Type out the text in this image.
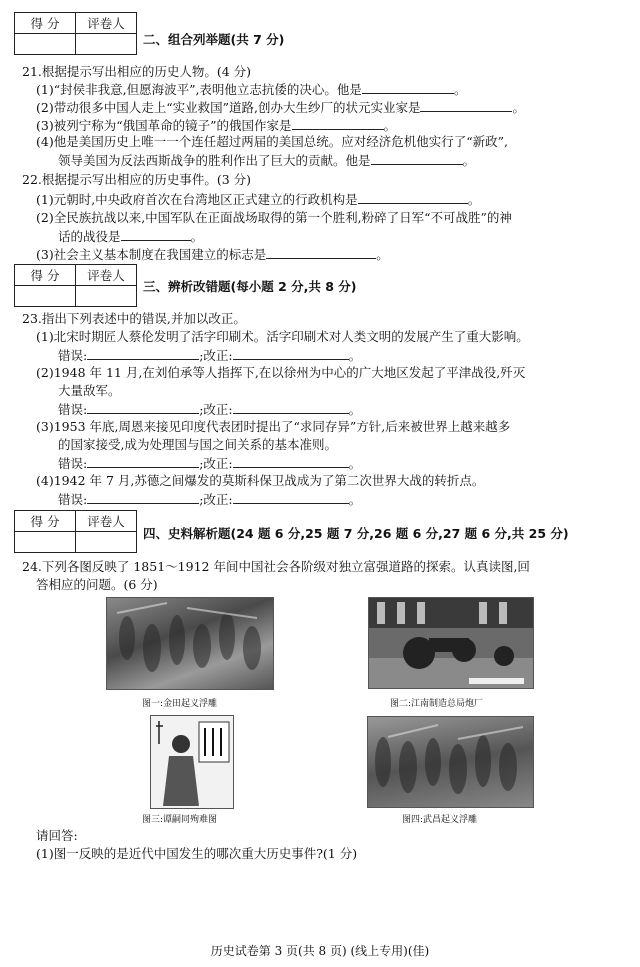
得 分	评卷人

二、组合列举题(共 7 分)
21.根据提示写出相应的历史人物。(4 分)
(1)“封侯非我意,但愿海波平”,表明他立志抗倭的决心。他是	。
(2)带动很多中国人走上“实业救国”道路,创办大生纱厂的状元实业家是	。
(3)被列宁称为“俄国革命的镜子”的俄国作家是	。
(4)他是美国历史上唯一一个连任超过两届的美国总统。应对经济危机他实行了“新政”,
领导美国为反法西斯战争的胜利作出了巨大的贡献。他是	。
22.根据提示写出相应的历史事件。(3 分)
(1)元朝时,中央政府首次在台湾地区正式建立的行政机构是	。
(2)全民族抗战以来,中国军队在正面战场取得的第一个胜利,粉碎了日军“不可战胜”的神
话的战役是	。
(3)社会主义基本制度在我国建立的标志是	。
得 分	评卷人

三、辨析改错题(每小题 2 分,共 8 分)
23.指出下列表述中的错误,并加以改正。
(1)北宋时期匠人蔡伦发明了活字印刷术。活字印刷术对人类文明的发展产生了重大影响。
错误:	;改正:	。
(2)1948 年 11 月,在刘伯承等人指挥下,在以徐州为中心的广大地区发起了平津战役,歼灭
大量敌军。
错误:	;改正:	。
(3)1953 年底,周恩来接见印度代表团时提出了“求同存异”方针,后来被世界上越来越多
的国家接受,成为处理国与国之间关系的基本准则。
错误:	;改正:	。
(4)1942 年 7 月,苏德之间爆发的莫斯科保卫战成为了第二次世界大战的转折点。
错误:	;改正:	。
得 分	评卷人

四、史料解析题(24 题 6 分,25 题 7 分,26 题 6 分,27 题 6 分,共 25 分)
24.下列各图反映了 1851～1912 年间中国社会各阶级对独立富强道路的探索。认真读图,回
答相应的问题。(6 分)
图一:金田起义浮雕	图二:江南制造总局炮厂
图三:谭嗣同殉难图	图四:武昌起义浮雕
请回答:
(1)图一反映的是近代中国发生的哪次重大历史事件?(1 分)
历史试卷第 3 页(共 8 页) (线上专用)(佳)
